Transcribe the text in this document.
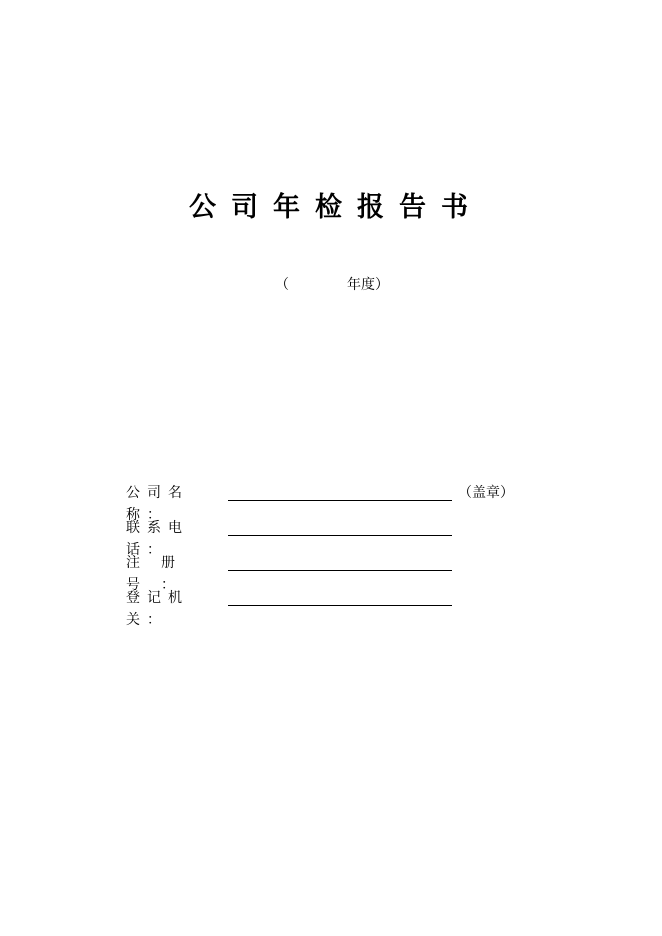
公司年检报告书
（	年度）
公司名称：
（盖章）
联系电话：
注册号：
登记机关：
